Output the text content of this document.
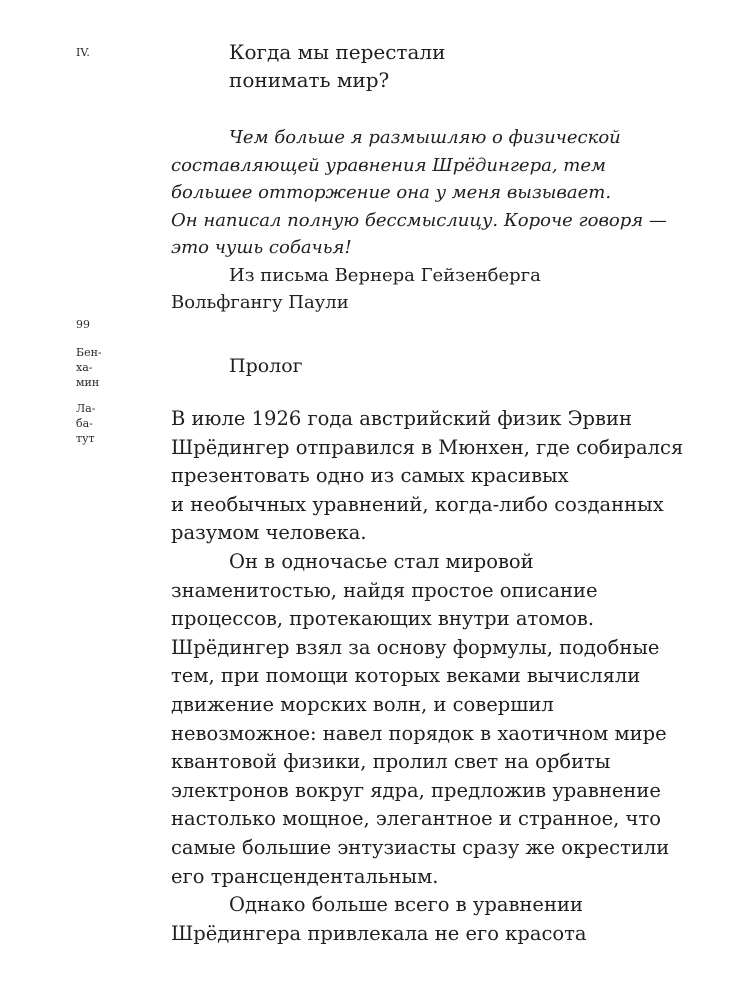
IV.
99
Бен-
ха-
мин
Ла-
ба-
тут
Когда мы перестали
понимать мир?

Чем больше я размышляю о физической
составляющей уравнения Шрёдингера, тем
большее отторжение она у меня вызывает.
Он написал полную бессмыслицу. Короче говоря —
это чушь собачья!

Из письма Вернера Гейзенберга
Вольфгангу Паули

Пролог

В июле 1926 года австрийский физик Эрвин
Шрёдингер отправился в Мюнхен, где собирался
презентовать одно из самых красивых
и необычных уравнений, когда-либо созданных
разумом человека.

Он в одночасье стал мировой
знаменитостью, найдя простое описание
процессов, протекающих внутри атомов.
Шрёдингер взял за основу формулы, подобные
тем, при помощи которых веками вычисляли
движение морских волн, и совершил
невозможное: навел порядок в хаотичном мире
квантовой физики, пролил свет на орбиты
электронов вокруг ядра, предложив уравнение
настолько мощное, элегантное и странное, что
самые большие энтузиасты сразу же окрестили
его трансцендентальным.

Однако больше всего в уравнении
Шрёдингера привлекала не его красота
